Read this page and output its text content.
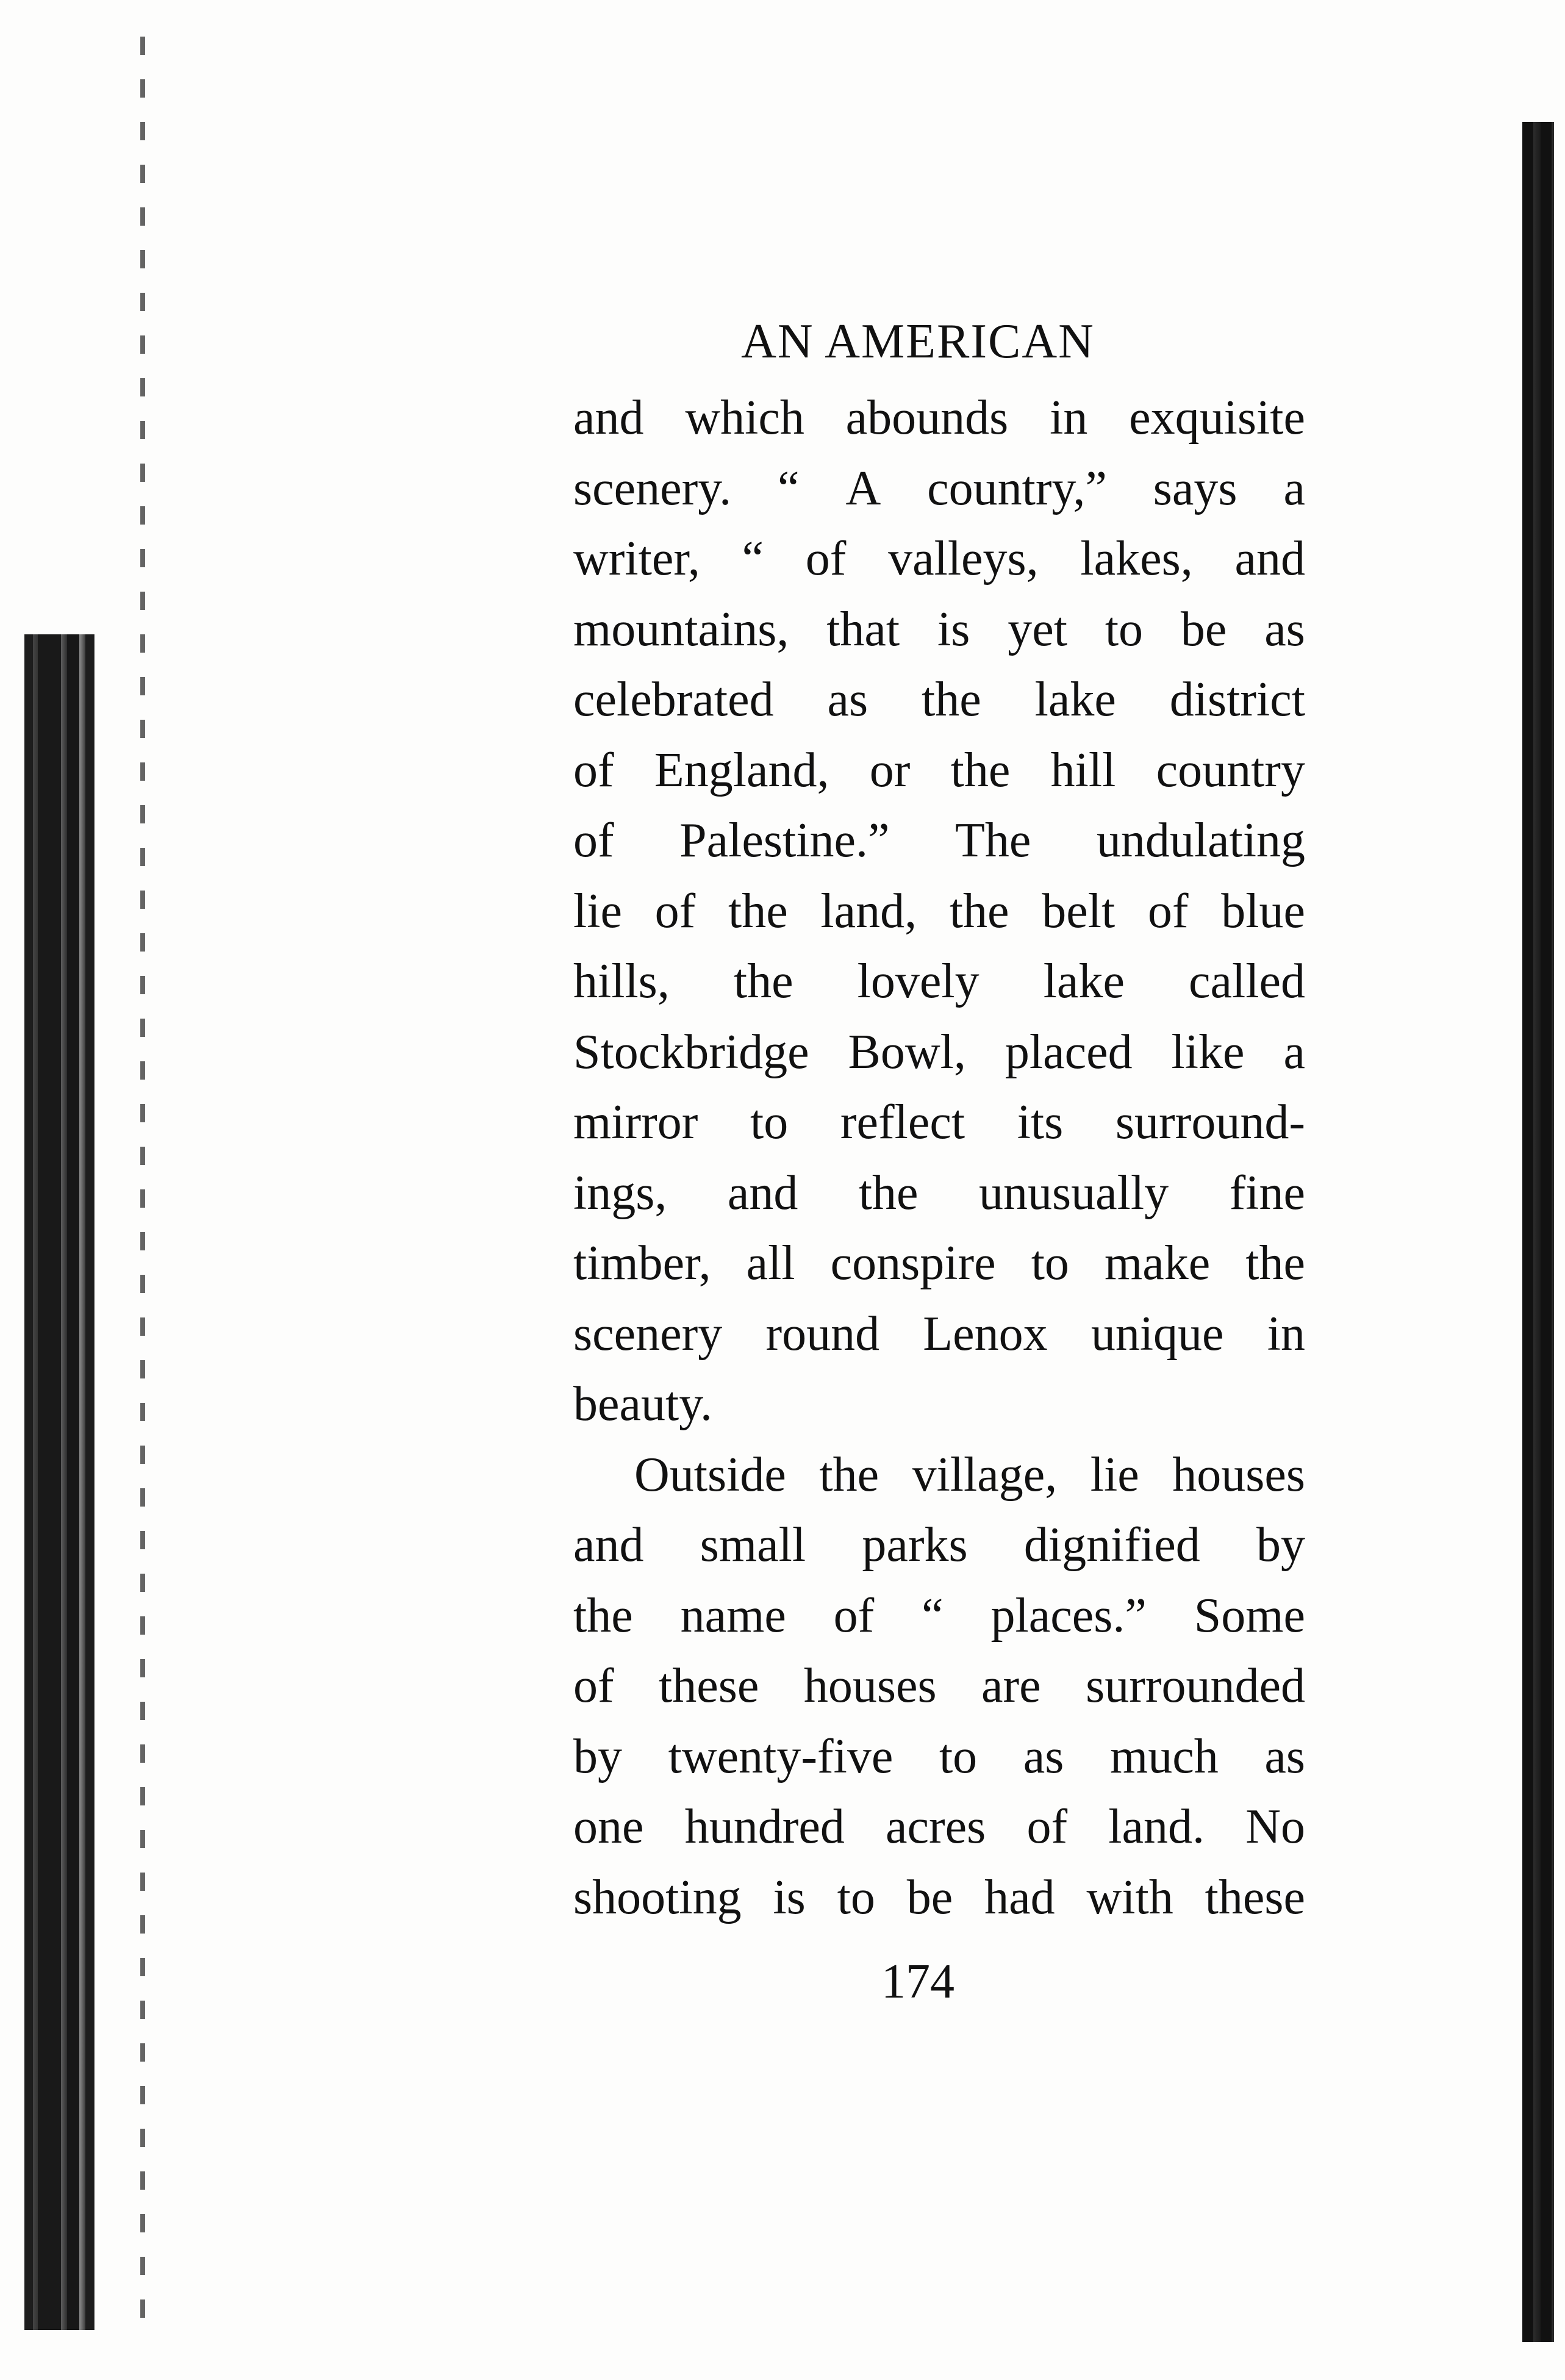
AN AMERICAN
and which abounds in exquisite
scenery. “ A country,” says a
writer, “ of valleys, lakes, and
mountains, that is yet to be as
celebrated as the lake district
of England, or the hill country
of Palestine.” The undulating
lie of the land, the belt of blue
hills, the lovely lake called
Stockbridge Bowl, placed like a
mirror to reflect its surround-
ings, and the unusually fine
timber, all conspire to make the
scenery round Lenox unique in
beauty.
Outside the village, lie houses
and small parks dignified by
the name of “ places.” Some
of these houses are surrounded
by twenty-five to as much as
one hundred acres of land. No
shooting is to be had with these
174
